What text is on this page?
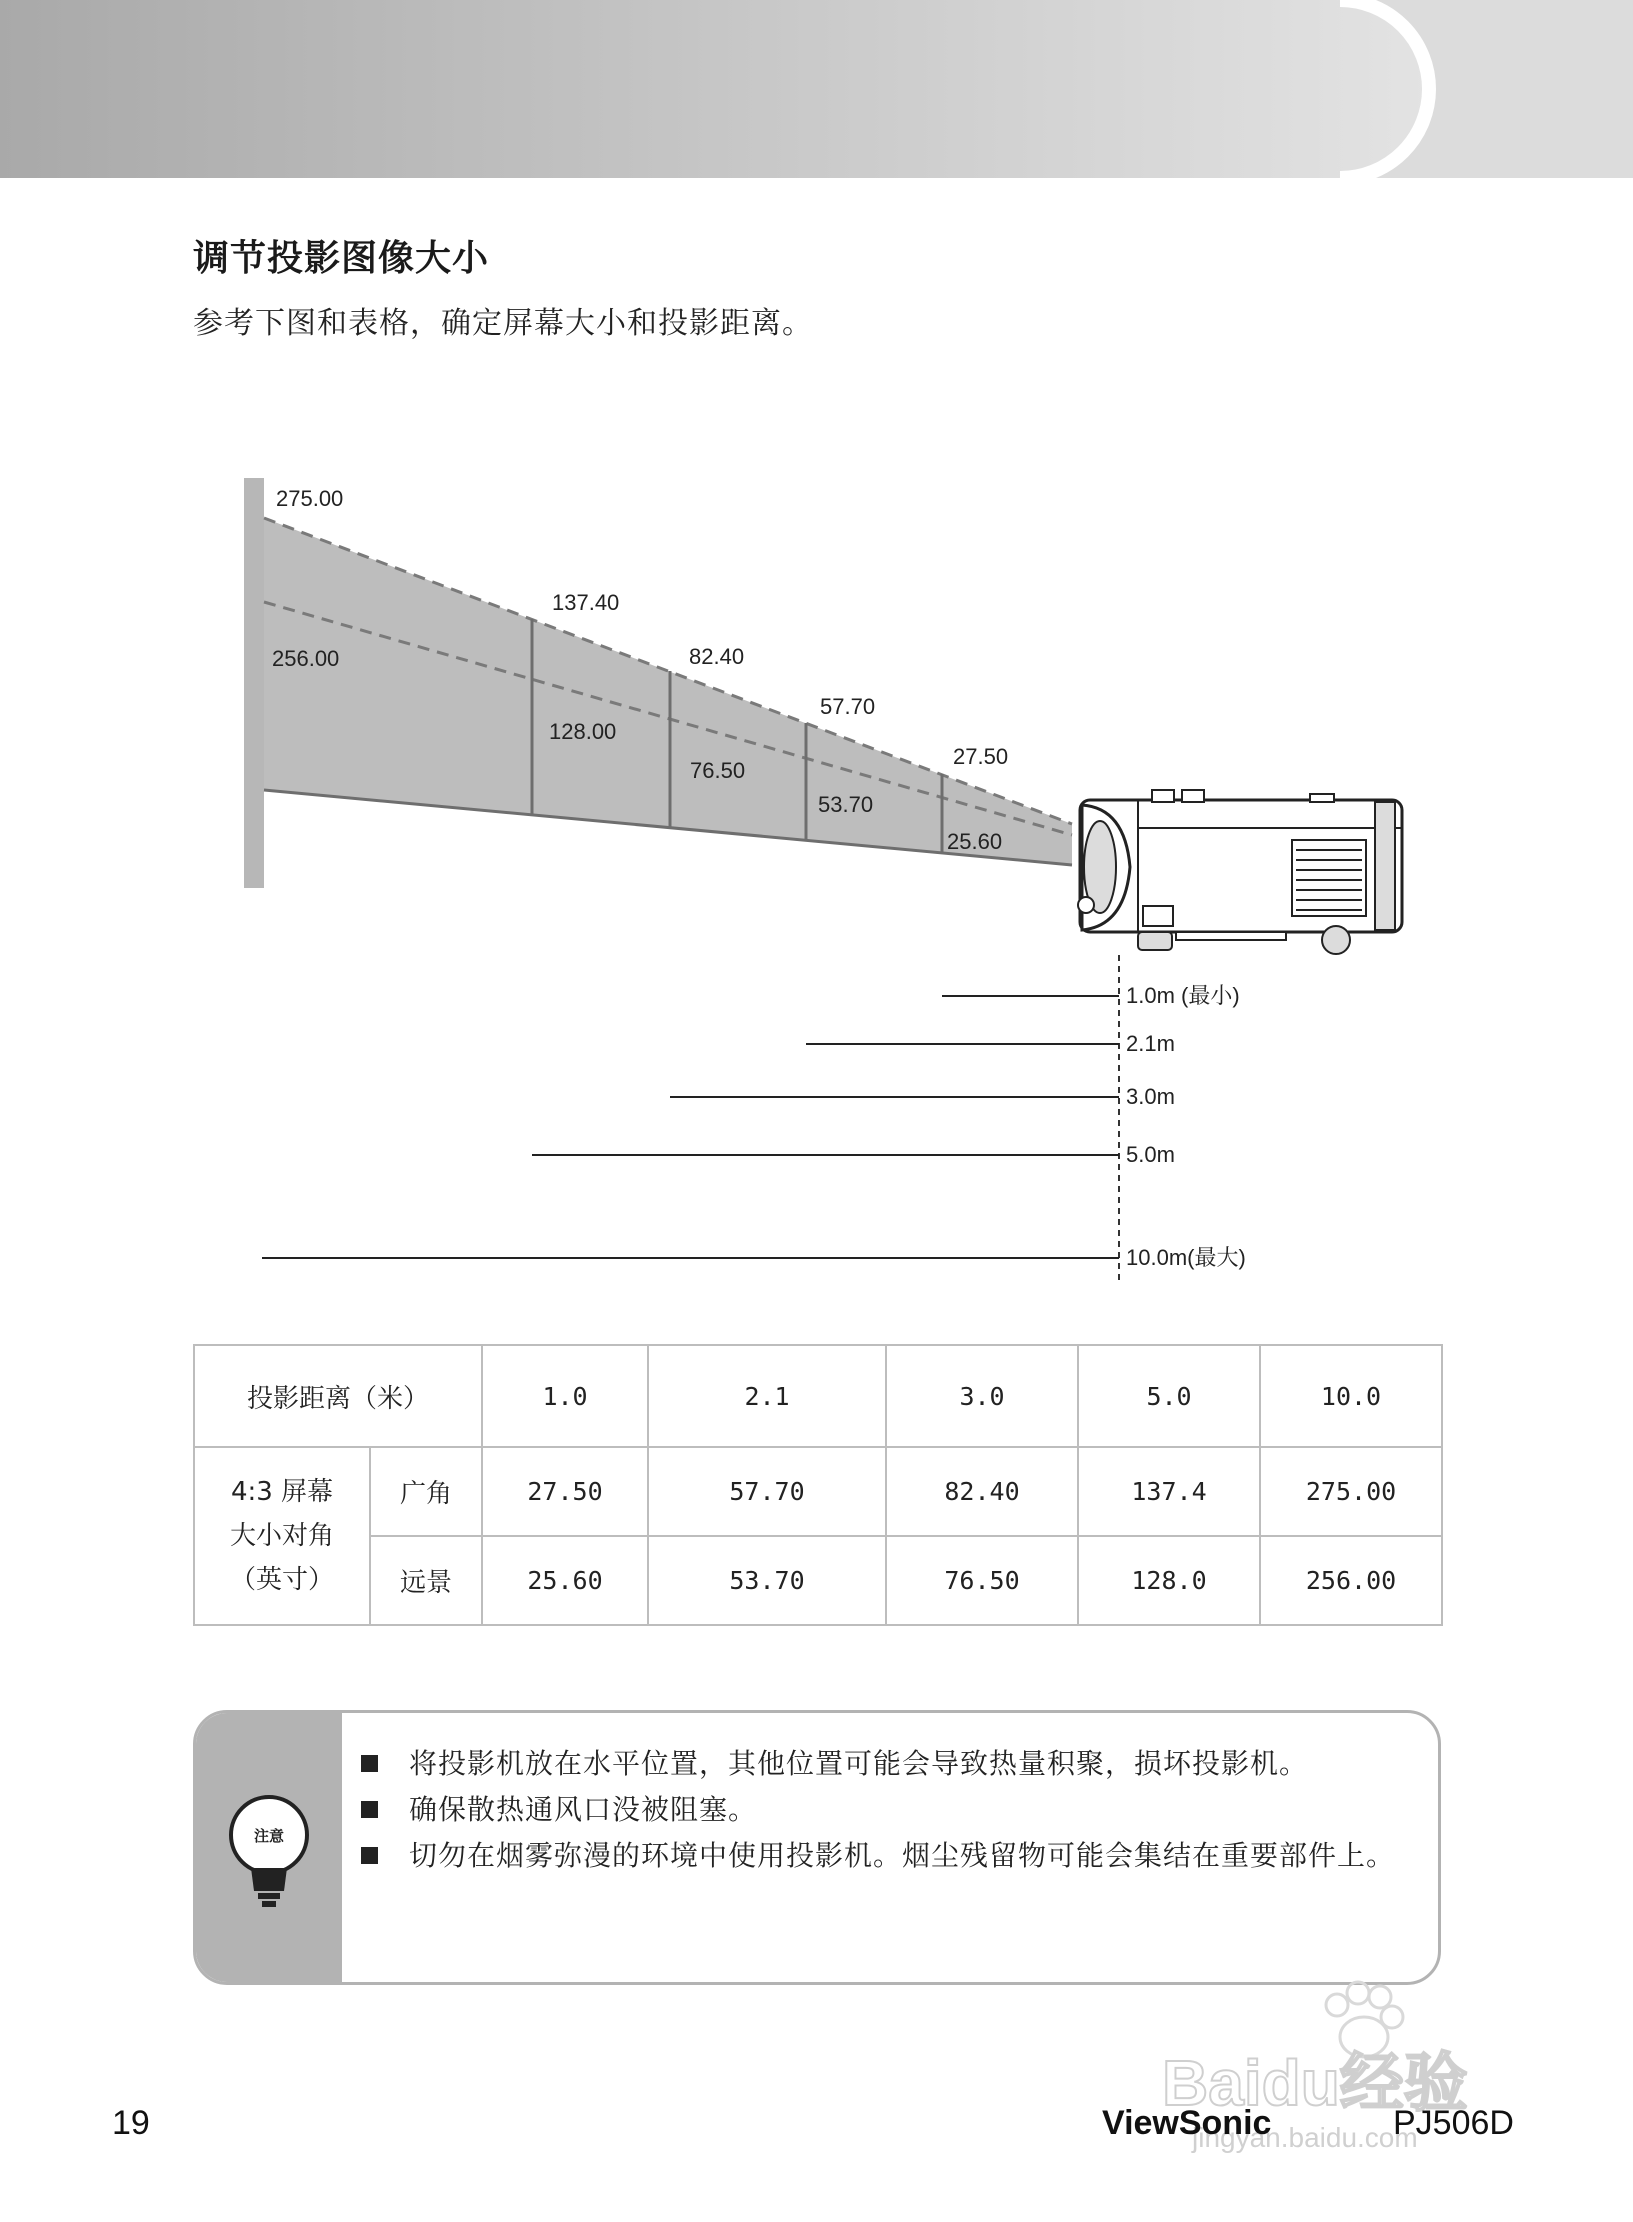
调节投影图像大小
参考下图和表格，确定屏幕大小和投影距离。
275.00
256.00
137.40
128.00
82.40
76.50
57.70
53.70
27.50
25.60
1.0m (最小)
2.1m
3.0m
5.0m
10.0m(最大)
投影距离（米）		1.0	2.1	3.0	5.0	10.0

4:3 屏幕
大小对角
（英寸）	广角	27.50	57.70	82.40	137.4	275.00
	远景	25.60	53.70	76.50	128.0	256.00
注意
将投影机放在水平位置，其他位置可能会导致热量积聚，损坏投影机。
确保散热通风口没被阻塞。
切勿在烟雾弥漫的环境中使用投影机。烟尘残留物可能会集结在重要部件上。
Baidu经验
jingyan.baidu.com
19	ViewSonic	PJ506D
